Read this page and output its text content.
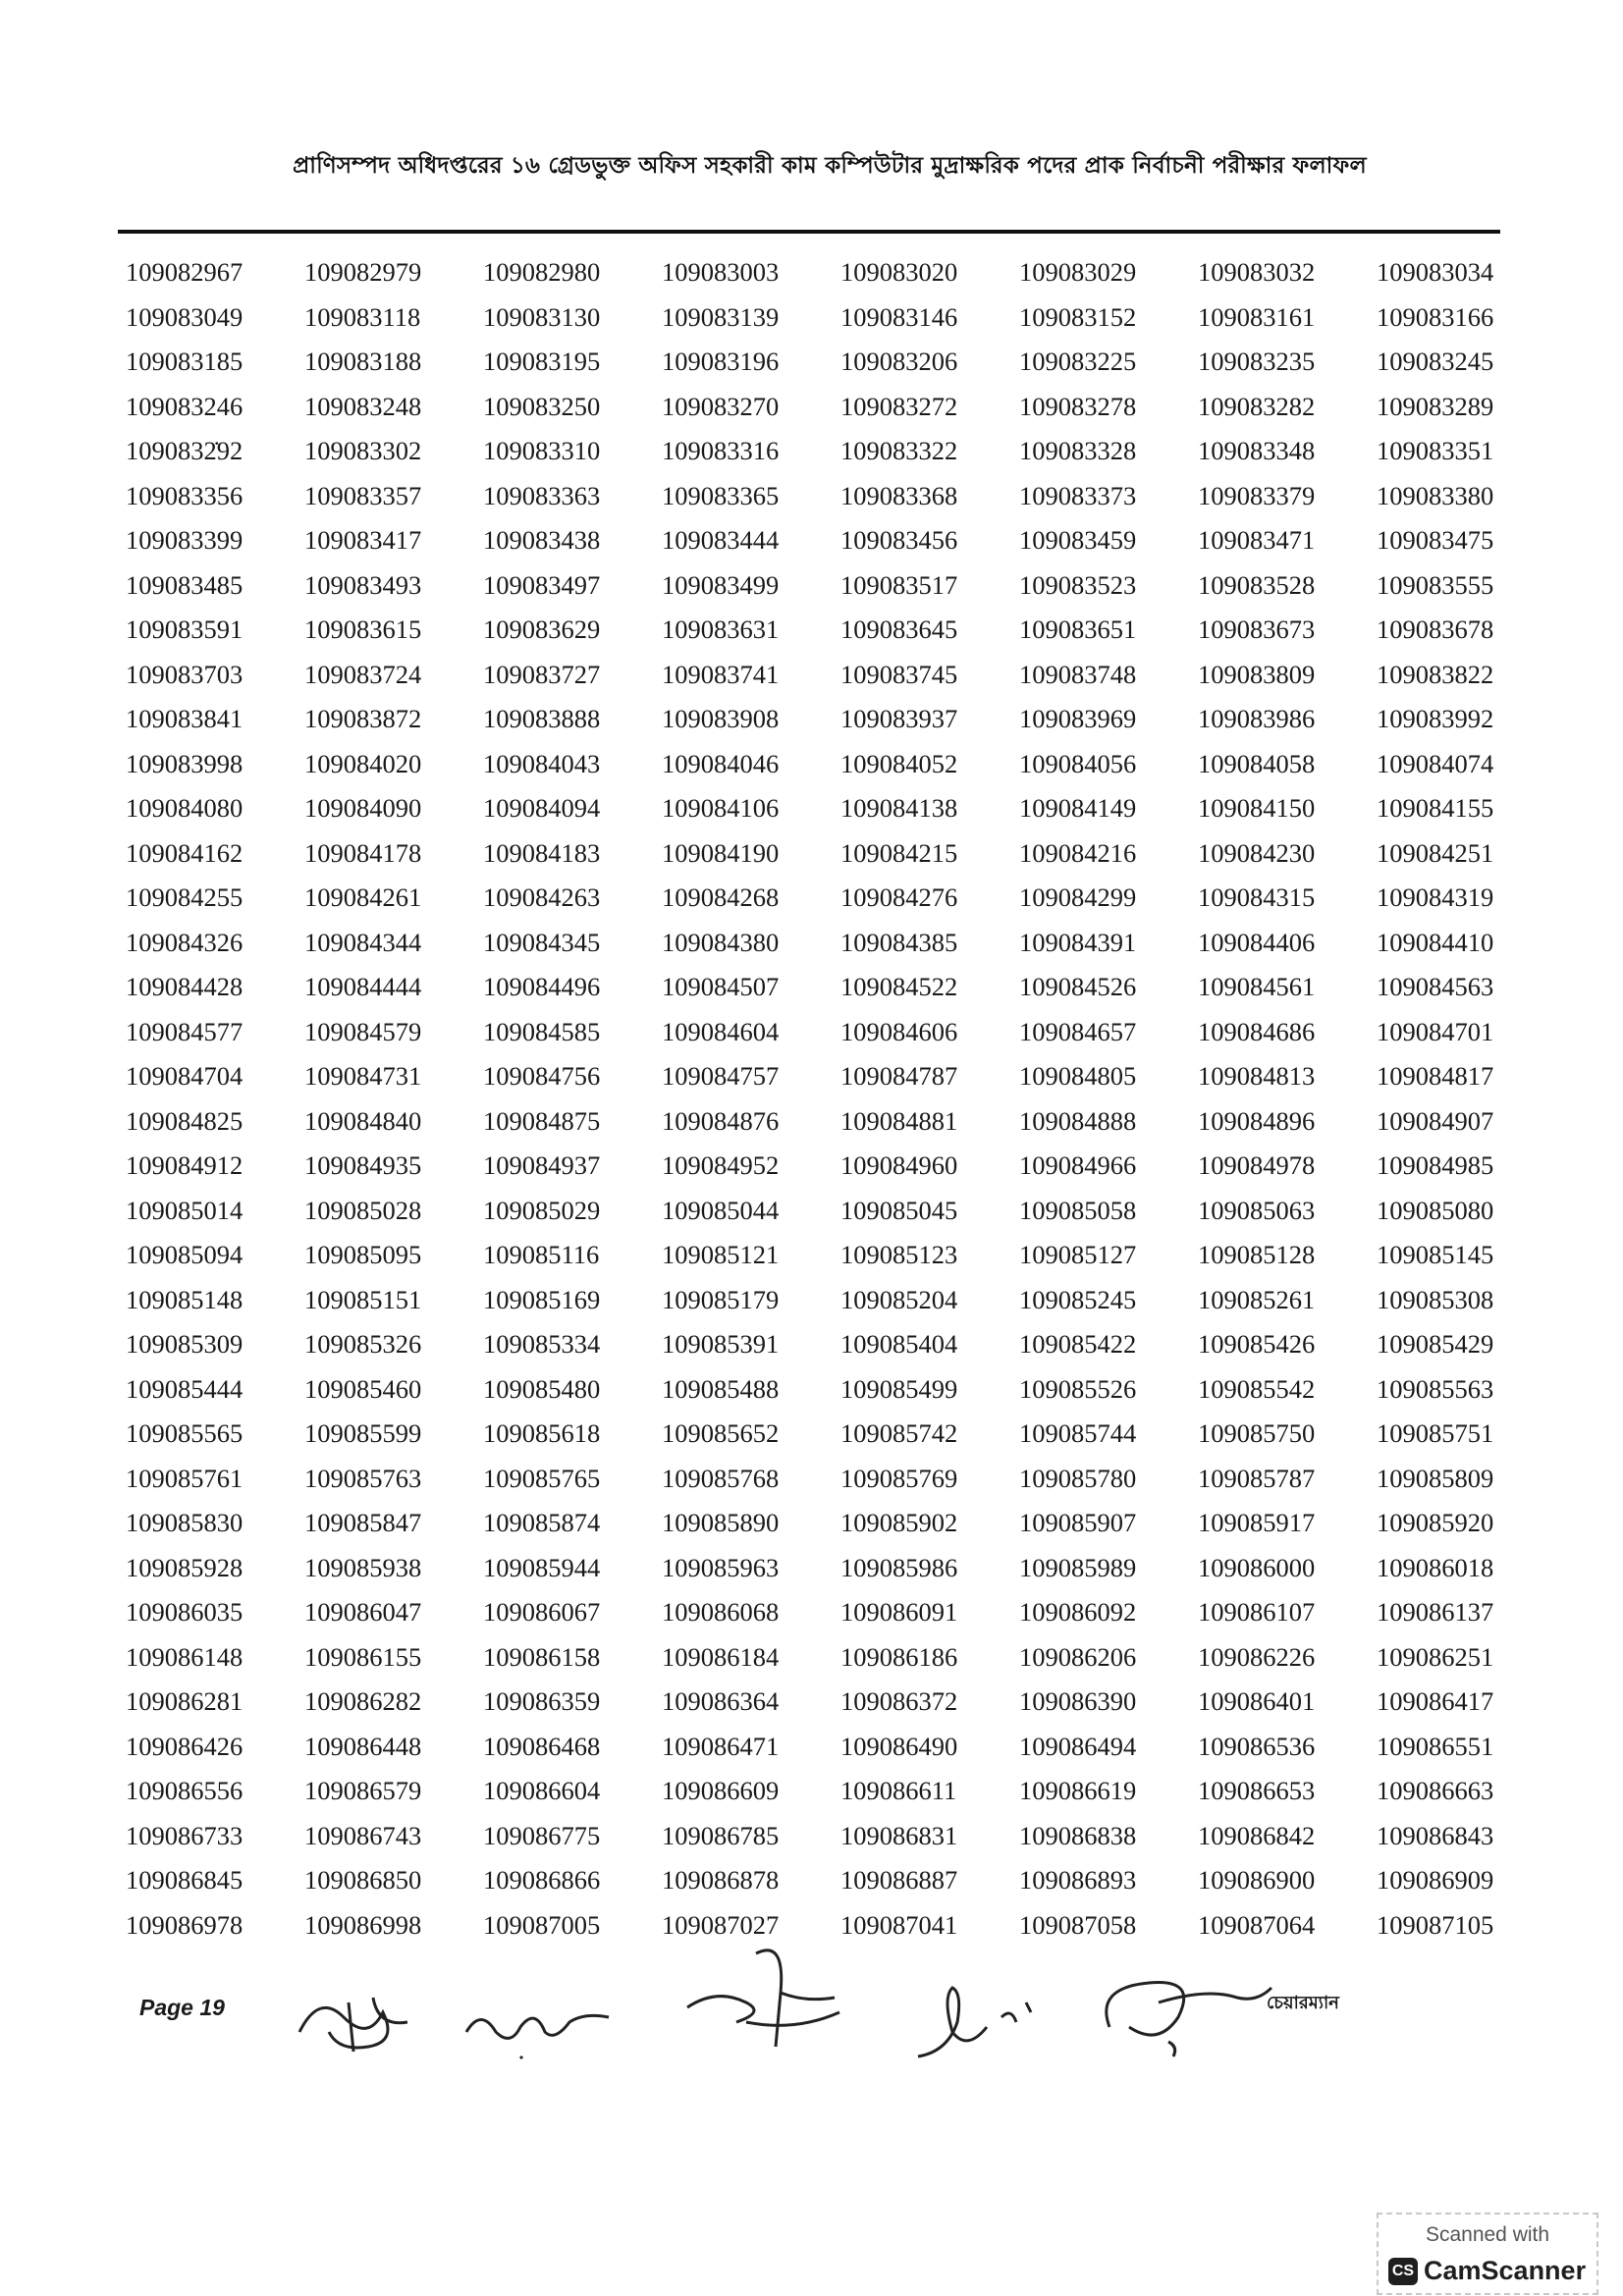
প্রাণিসম্পদ অধিদপ্তরের ১৬ গ্রেডভুক্ত অফিস সহকারী কাম কম্পিউটার মুদ্রাক্ষরিক পদের প্রাক নির্বাচনী পরীক্ষার ফলাফল
109082967	109082979	109082980	109083003	109083020	109083029	109083032	109083034
109083049	109083118	109083130	109083139	109083146	109083152	109083161	109083166
109083185	109083188	109083195	109083196	109083206	109083225	109083235	109083245
109083246	109083248	109083250	109083270	109083272	109083278	109083282	109083289
1090832̇92	109083302	109083310	109083316	109083322	109083328	109083348	109083351
109083356	109083357	109083363	109083365	109083368	109083373	109083379	109083380
109083399	109083417	109083438	109083444	109083456	109083459	109083471	109083475
109083485	109083493	109083497	109083499	109083517	109083523	109083528	109083555
109083591	109083615	109083629	109083631	109083645	109083651	109083673	109083678
109083703	109083724	109083727	109083741	109083745	109083748	109083809	109083822
109083841	109083872	109083888	109083908	109083937	109083969	109083986	109083992
109083998	109084020	109084043	109084046	109084052	109084056	109084058	109084074
109084080	109084090	109084094	109084106	109084138	109084149	109084150	109084155
109084162	109084178	109084183	109084190	109084215	109084216	109084230	109084251
109084255	109084261	109084263	109084268	109084276	109084299	109084315	109084319
109084326	109084344	109084345	109084380	109084385	109084391	109084406	109084410
109084428	109084444	109084496	109084507	109084522	109084526	109084561	109084563
109084577	109084579	109084585	109084604	109084606	109084657	109084686	109084701
109084704	109084731	109084756	109084757	109084787	109084805	109084813	109084817
109084825	109084840	109084875	109084876	109084881	109084888	109084896	109084907
109084912	109084935	109084937	109084952	109084960	109084966	109084978	109084985
109085014	109085028	109085029	109085044	109085045	109085058	109085063	109085080
109085094	109085095	109085116	109085121	109085123	109085127	109085128	109085145
109085148	109085151	109085169	109085179	109085204	109085245	109085261	109085308
109085309	109085326	109085334	109085391	109085404	109085422	109085426	109085429
109085444	109085460	109085480	109085488	109085499	109085526	109085542	109085563
109085565	109085599	109085618	109085652	109085742	109085744	109085750	109085751
109085761	109085763	109085765	109085768	109085769	109085780	109085787	109085809
109085830	109085847	109085874	109085890	109085902	109085907	109085917	109085920
109085928	109085938	109085944	109085963	109085986	109085989	109086000	109086018
109086035	109086047	109086067	109086068	109086091	109086092	109086107	109086137
109086148	109086155	109086158	109086184	109086186	109086206	109086226	109086251
109086281	109086282	109086359	109086364	109086372	109086390	109086401	109086417
109086426	109086448	109086468	109086471	109086490	109086494	109086536	109086551
109086556	109086579	109086604	109086609	109086611	109086619	109086653	109086663
109086733	109086743	109086775	109086785	109086831	109086838	109086842	109086843
109086845	109086850	109086866	109086878	109086887	109086893	109086900	109086909
109086978	109086998	109087005	109087027	109087041	109087058	109087064	109087105
Page 19	চেয়ারম্যান
Scanned with
CS CamScanner
